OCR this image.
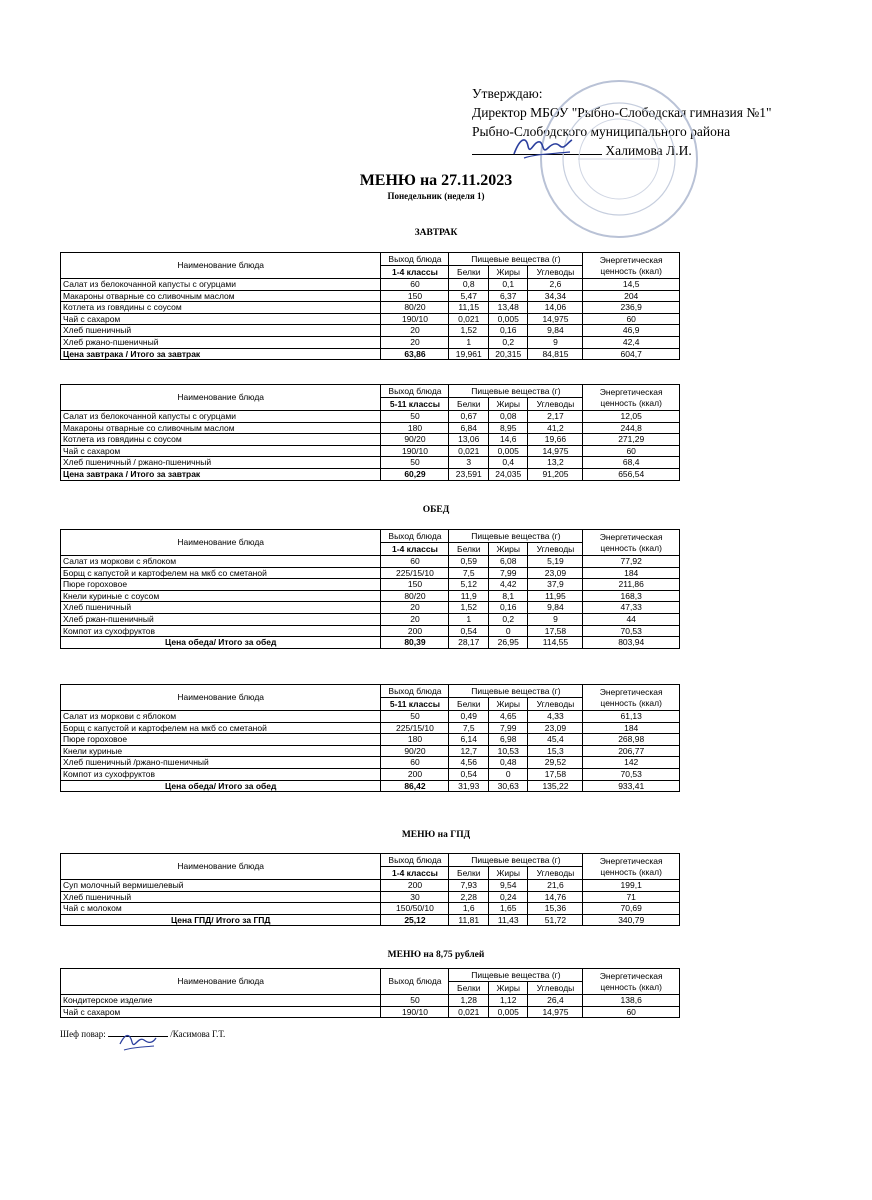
Утверждаю:
Директор МБОУ "Рыбно-Слободская гимназия №1"
Рыбно-Слободского муниципального района
Халимова Л.И.
МЕНЮ на 27.11.2023
Понедельник (неделя 1)
ЗАВТРАК
ОБЕД
МЕНЮ на ГПД
МЕНЮ на 8,75 рублей
Наименование блюда	Выход блюда	Пищевые вещества (г)			Энергетическая ценность (ккал)
	1-4 классы	Белки	Жиры	Углеводы	
Салат из белокочанной капусты с огурцами	60	0,8	0,1	2,6	14,5
Макароны отварные со сливочным маслом	150	5,47	6,37	34,34	204
Котлета из говядины с соусом	80/20	11,15	13,48	14,06	236,9
Чай с сахаром	190/10	0,021	0,005	14,975	60
Хлеб пшеничный	20	1,52	0,16	9,84	46,9
Хлеб ржано-пшеничный	20	1	0,2	9	42,4
Цена завтрака / Итого за завтрак	63,86	19,961	20,315	84,815	604,7
Наименование блюда	Выход блюда	Пищевые вещества (г)			Энергетическая ценность (ккал)
	5-11 классы	Белки	Жиры	Углеводы	
Салат из белокочанной капусты с огурцами	50	0,67	0,08	2,17	12,05
Макароны отварные со сливочным маслом	180	6,84	8,95	41,2	244,8
Котлета из говядины с соусом	90/20	13,06	14,6	19,66	271,29
Чай с сахаром	190/10	0,021	0,005	14,975	60
Хлеб пшеничный / ржано-пшеничный	50	3	0,4	13,2	68,4
Цена завтрака / Итого за завтрак	60,29	23,591	24,035	91,205	656,54
Наименование блюда	Выход блюда	Пищевые вещества (г)			Энергетическая ценность (ккал)
	1-4 классы	Белки	Жиры	Углеводы	
Салат из моркови с яблоком	60	0,59	6,08	5,19	77,92
Борщ с капустой и картофелем на мкб со сметаной	225/15/10	7,5	7,99	23,09	184
Пюре гороховое	150	5,12	4,42	37,9	211,86
Кнели куриные с соусом	80/20	11,9	8,1	11,95	168,3
Хлеб пшеничный	20	1,52	0,16	9,84	47,33
Хлеб ржан-пшеничный	20	1	0,2	9	44
Компот из сухофруктов	200	0,54	0	17,58	70,53
Цена обеда/ Итого за обед	80,39	28,17	26,95	114,55	803,94
Наименование блюда	Выход блюда	Пищевые вещества (г)			Энергетическая ценность (ккал)
	5-11 классы	Белки	Жиры	Углеводы	
Салат из моркови с яблоком	50	0,49	4,65	4,33	61,13
Борщ с капустой и картофелем на мкб со сметаной	225/15/10	7,5	7,99	23,09	184
Пюре гороховое	180	6,14	6,98	45,4	268,98
Кнели куриные	90/20	12,7	10,53	15,3	206,77
Хлеб пшеничный /ржано-пшеничный	60	4,56	0,48	29,52	142
Компот из сухофруктов	200	0,54	0	17,58	70,53
Цена обеда/ Итого за обед	86,42	31,93	30,63	135,22	933,41
Наименование блюда	Выход блюда	Пищевые вещества (г)			Энергетическая ценность (ккал)
	1-4 классы	Белки	Жиры	Углеводы	
Суп молочный вермишелевый	200	7,93	9,54	21,6	199,1
Хлеб пшеничный	30	2,28	0,24	14,76	71
Чай с молоком	150/50/10	1,6	1,65	15,36	70,69
Цена ГПД/ Итого за ГПД	25,12	11,81	11,43	51,72	340,79
Наименование блюда	Выход блюда	Пищевые вещества (г)			Энергетическая ценность (ккал)
		Белки	Жиры	Углеводы	
Кондитерское изделие	50	1,28	1,12	26,4	138,6
Чай с сахаром	190/10	0,021	0,005	14,975	60
Шеф повар:	/Касимова Г.Т.
